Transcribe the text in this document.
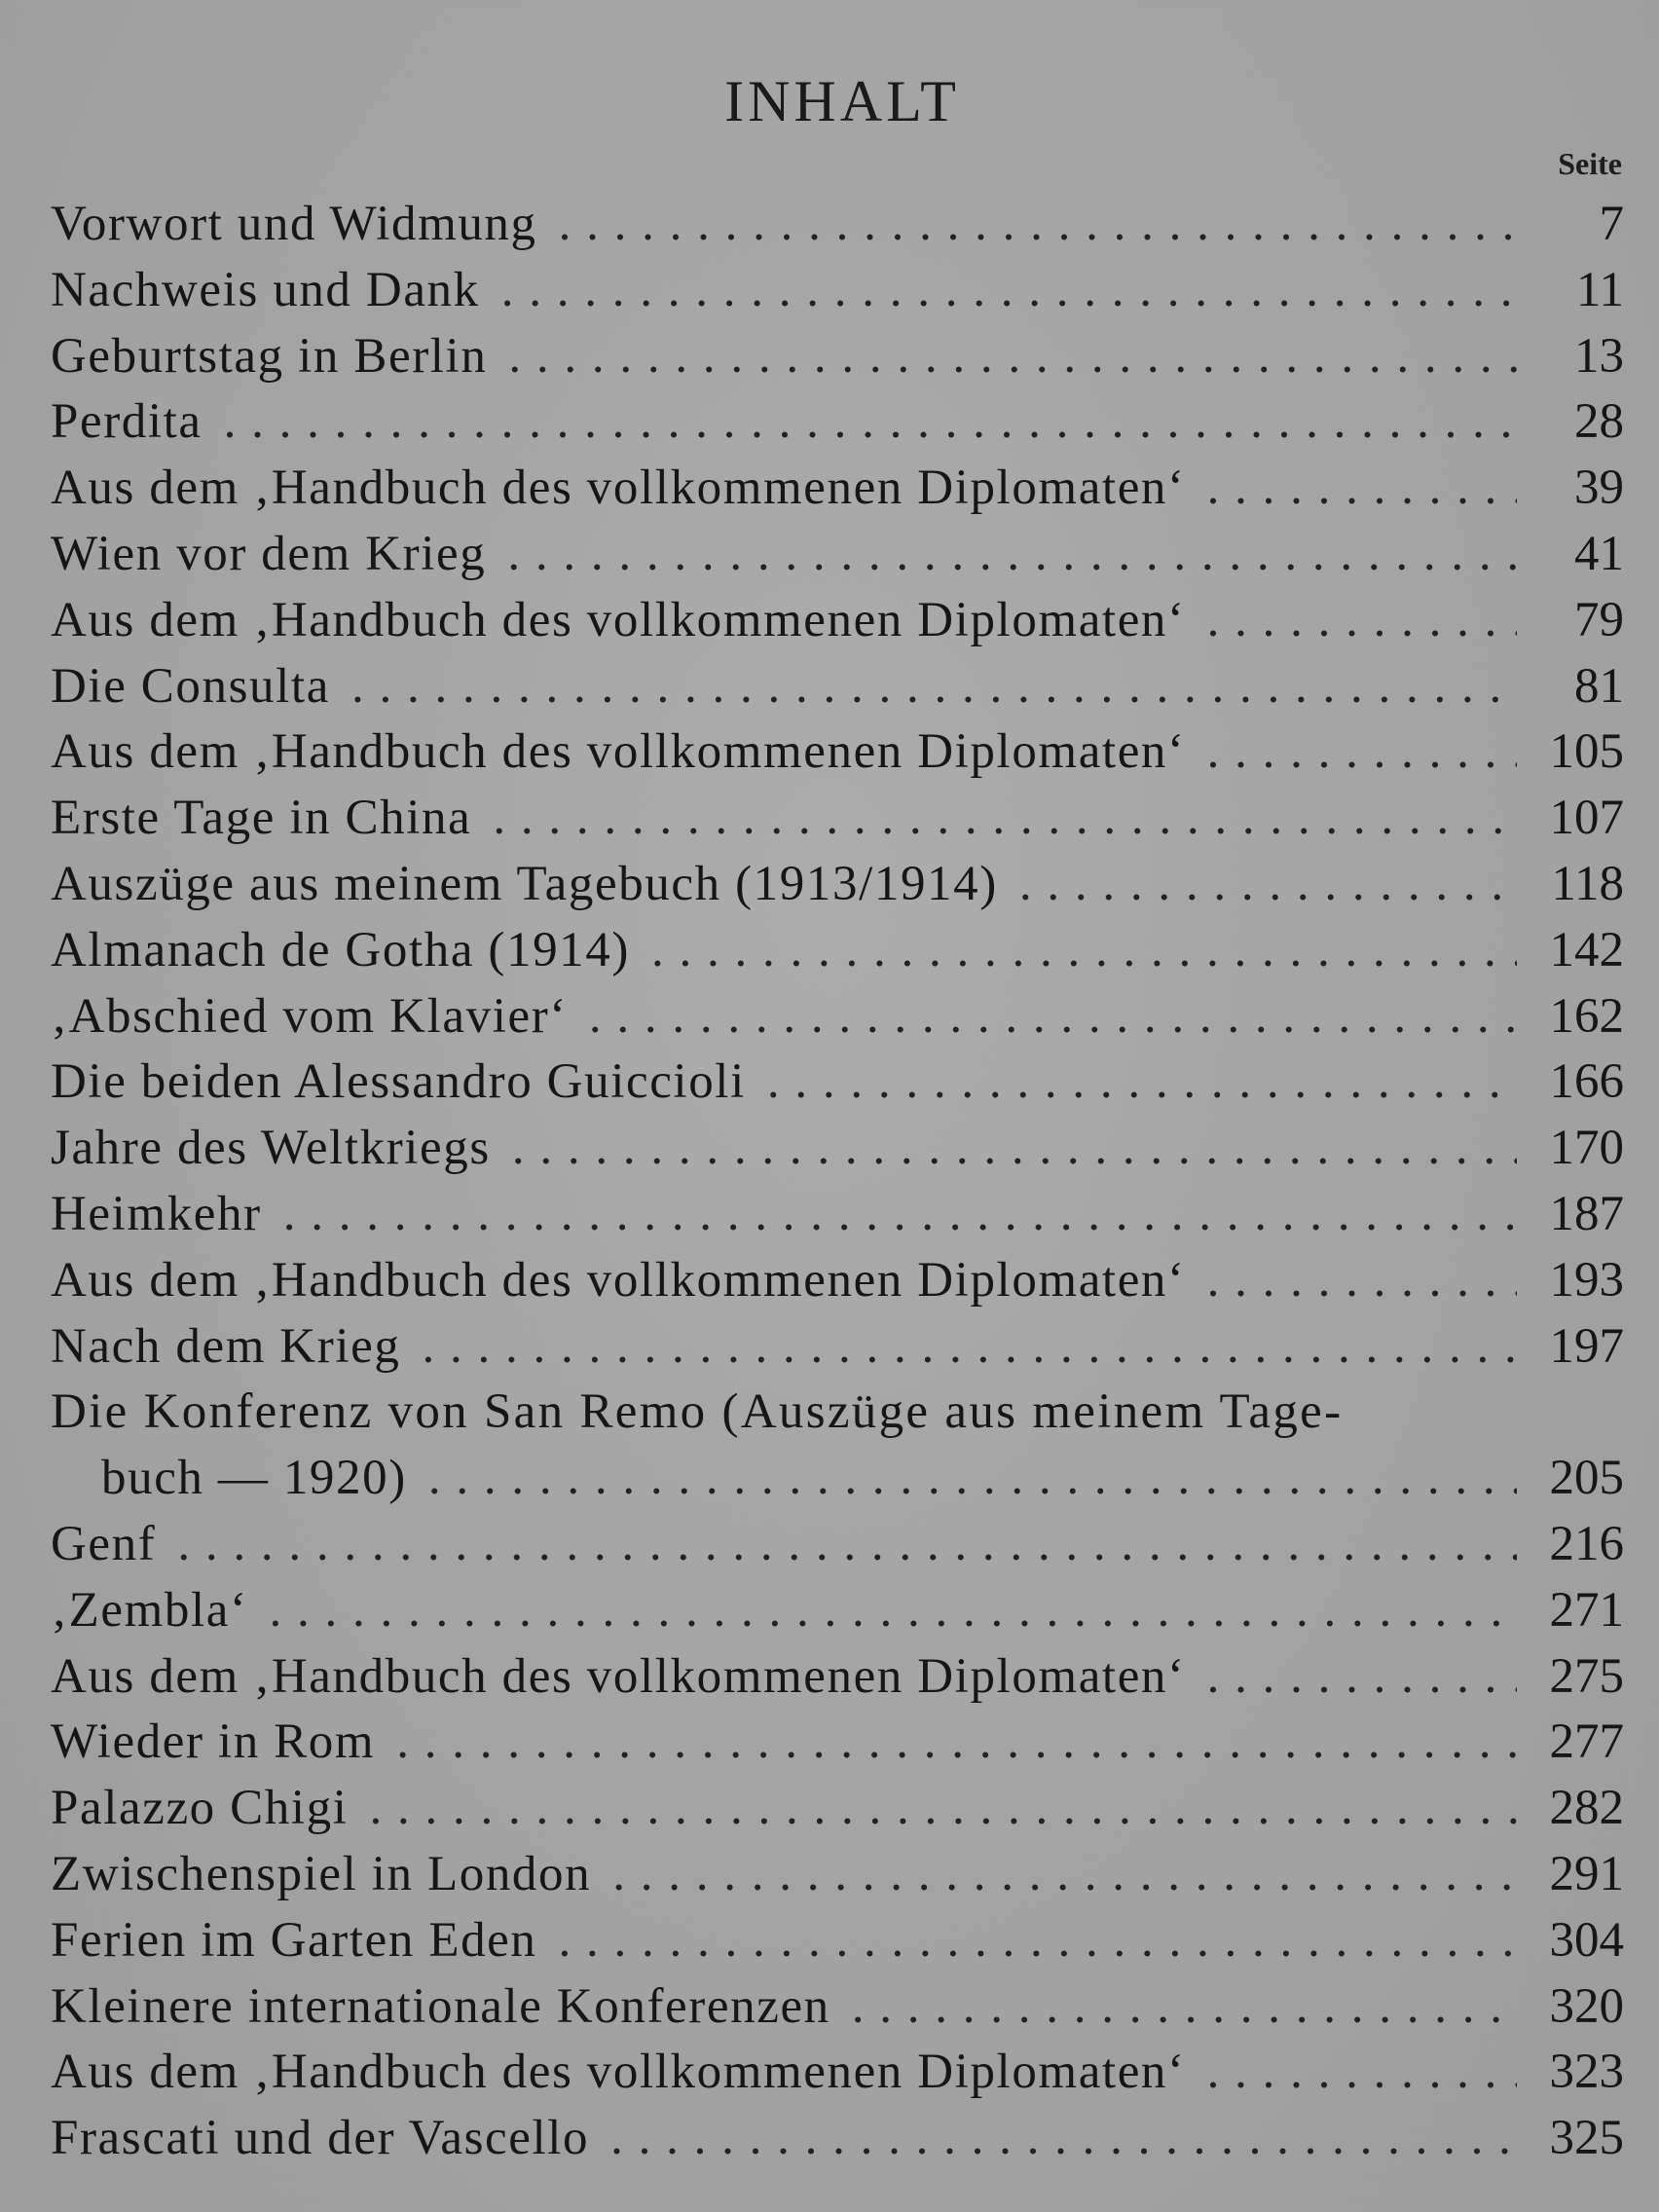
INHALT
Seite
Vorwort und Widmung . . .	7
Nachweis und Dank . . .	11
Geburtstag in Berlin . . .	13
Perdita . . .	28
Aus dem ‚Handbuch des vollkommenen Diplomaten‘ . . .	39
Wien vor dem Krieg . . .	41
Aus dem ‚Handbuch des vollkommenen Diplomaten‘ . . .	79
Die Consulta . . .	81
Aus dem ‚Handbuch des vollkommenen Diplomaten‘ . . .	105
Erste Tage in China . . .	107
Auszüge aus meinem Tagebuch (1913/1914) . . .	118
Almanach de Gotha (1914) . . .	142
‚Abschied vom Klavier‘ . . .	162
Die beiden Alessandro Guiccioli . . .	166
Jahre des Weltkriegs . . .	170
Heimkehr . . .	187
Aus dem ‚Handbuch des vollkommenen Diplomaten‘ . . .	193
Nach dem Krieg . . .	197
Die Konferenz von San Remo (Auszüge aus meinem Tage-
buch — 1920) . . .	205
Genf . . .	216
‚Zembla‘ . . .	271
Aus dem ‚Handbuch des vollkommenen Diplomaten‘ . . .	275
Wieder in Rom . . .	277
Palazzo Chigi . . .	282
Zwischenspiel in London . . .	291
Ferien im Garten Eden . . .	304
Kleinere internationale Konferenzen . . .	320
Aus dem ‚Handbuch des vollkommenen Diplomaten‘ . . .	323
Frascati und der Vascello . . .	325
